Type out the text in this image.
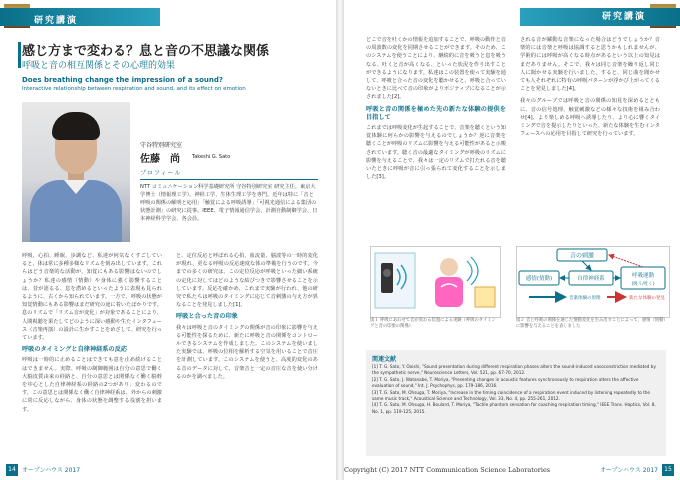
研究講演
感じ方まで変わる？息と音の不思議な関係
呼吸と音の相互関係とその心理的効果
Does breathing change the impression of a sound?
Interactive relationship between respiration and sound, and its effect on emotion
守谷特別研究室
佐藤　尚 Takeshi G. Sato
プロフィール
NTT コミュニケーション科学基礎研究所 守谷特別研究室 研究主任。東京大学博士（情報理工学）。神経工学、生体生理工学を専門。近年は特に「音と呼吸の関係の解明と応用」「触覚による呼吸誘導」「可視光通信による集団の状態計測」の研究に従事。IEEE、電子情報通信学会、計測自動制御学会、日本神経科学学会、各会員。
呼吸、心拍、睡眠、歩調など、私達が何気なくすごしていると、体は常に多種多様なリズムを刻み出しています。これらはどう音楽的な活動が、知覚にもある影響はないのでしょうか？私達の感情（情動）や身体に強く影響することは、昔が語るる、息を潜めるといったように表現も見られるように、古くから知られています。一方で、呼吸の状態が知覚情動にもある影響はまだ研究の途に着いたばかりです。息のリズムで「リズム音が変化」が対象であることにより、人間視聴を果たしてどのように深い感動や生たインタフェース（音楽再演）の設計に生かすことをめざして、研究を行っています。
呼吸のタイミングと自律神経系の反応
呼吸は一時的に止めることはできても意を止め続けることはできません。実際、呼吸の制御範囲は自分の意思で働く大脳皮質由来の経路と、自分の意思とは関係なく働く脳幹を中心とした自律神経系の経路の2つがあり、変わるのです。この意思とは関係なく働く自律神経系は、外からの刺激に常に反応しながら、身体の状態を調整する役割を担います。
と、定位反応と呼ばれる心拍、血流量、脳波等の一時的変化が現れ、更なる呼吸の反応速度な体の準備を行うのです。今までの多くの研究は、この定位反応が呼吸といった細い系統の定化に対してはどのような結びつきで影響させることを示しています。反応を確かめ、これまで実験が行われ、他の研究で私たちは呼吸のタイミングに応じて音刺激の与え方が異なることを発見しました[1]。
呼吸と合った音の印象
我々は呼吸と音のタイミングの関係が音の印象に影響を与える可能性を探るために、新たに呼吸と音の関係をコントロールできるシステムを作成しました。このシステムを使いました実験では、呼吸の位相を解析する空気を用いることで音圧を計測しています。このシステムを使うと、高度的変化のある音のデータに対して、音楽音と一定の音圧な音を使い分けるのかを調べました。
14	オープンハウス 2017
研究講演
どこで音を吐くかの情報を追加することで、呼吸の動作と音の周波数の変化を同期させることができます。そのため、このシステムを使うことにより、継続的に音を吸うと息を吸うなる、吐くと音が高くなる、といった状況を作り出すことができるようになります。私達はこの装置を使って実験を通して、呼吸と合った音の変化を聴かせると、呼吸と合っていないときに比べて音の印象がよりポジティブになることが示されました[2]。
呼吸と音の関係を極めた先の新たな体験の提供を目指して
これまでは呼吸変化が生起することで、音楽を聴くという知覚体験に何らかの影響を与えるのでしょうか？逆に音楽を聴くことが呼吸のリズムに影響を与える可能性があると示唆されています。聴く音の最適なタイミングが呼吸のリズムに影響を与えることで、我々は一定のリズムで打たれる音を聴いたときに呼吸が音に引っ張られて変化することを示しました[3]。
される音が躍動な音楽になった場合はどうでしょうか？音楽的には音楽と呼吸は協調すると思うかもしれませんが、学術的には呼吸が高くなる時点があるという以上の知見はまだありません。そこで、我々は同じ音楽を繰り返し同じ人に聞かせる実験を行いました。すると、同じ曲を聞かせても人それぞれに特有の呼吸パターンが浮かび上がってくることを発見しました[4]。
我々のグループでは呼吸と音の関係の知見を深めるとともに、音の信号処理、触覚刺激などの様々な技術を組み合わせ[4]、より楽しめる呼吸へ誘導したり、より心に響くタイミングで音を提示したりといった、新たな体験を生むインタフェースへの応用を目指して研究を行っています。
図１ 呼吸にあわせて音が変わる装置による実験（呼吸のタイミングと音の印象の関係）
音の刺激
感情(情動)	自律神経系	呼吸運動
(吸う/吐く)
音楽体験の原理	新たな体験の発見
図２ 音と呼吸の関係を通じた情動変化を生み出すことによって、感情（情動）に影響を与えることを表しました
関連文献
[1] T. G. Sato, Y. Ooishi, "Sound presentation during different respiration phases alters the sound-induced vasoconstriction mediated by the sympathetic nerve," Neuroscience Letters, Vol. 521, pp. 67-70, 2012.
[2] T. G. Sato, J. Watanabe, T. Moriya, "Presenting changes in acoustic features synchronously to respiration alters the affective evaluation of sound," Int. J. Psychophys, pp. 179-186, 2016.
[3] T. G. Sato, M. Ohsuga, T. Moriya, "Increase in the timing coincidence of a respiration event induced by listening repeatedly to the same music track," Acoustical Science and Technology, Vol. 33, No. 4, pp. 255-261, 2012.
[4] T. G. Sato, M. Ohsuga, H. Boulard, T. Moriya, "Tactile phantom sensation for coaching respiration timing," IEEE Trans. Haptics, Vol. 8, No. 1, pp. 119-125, 2015.
Copyright (C) 2017 NTT Communication Science Laboratories	オープンハウス 2017	15
